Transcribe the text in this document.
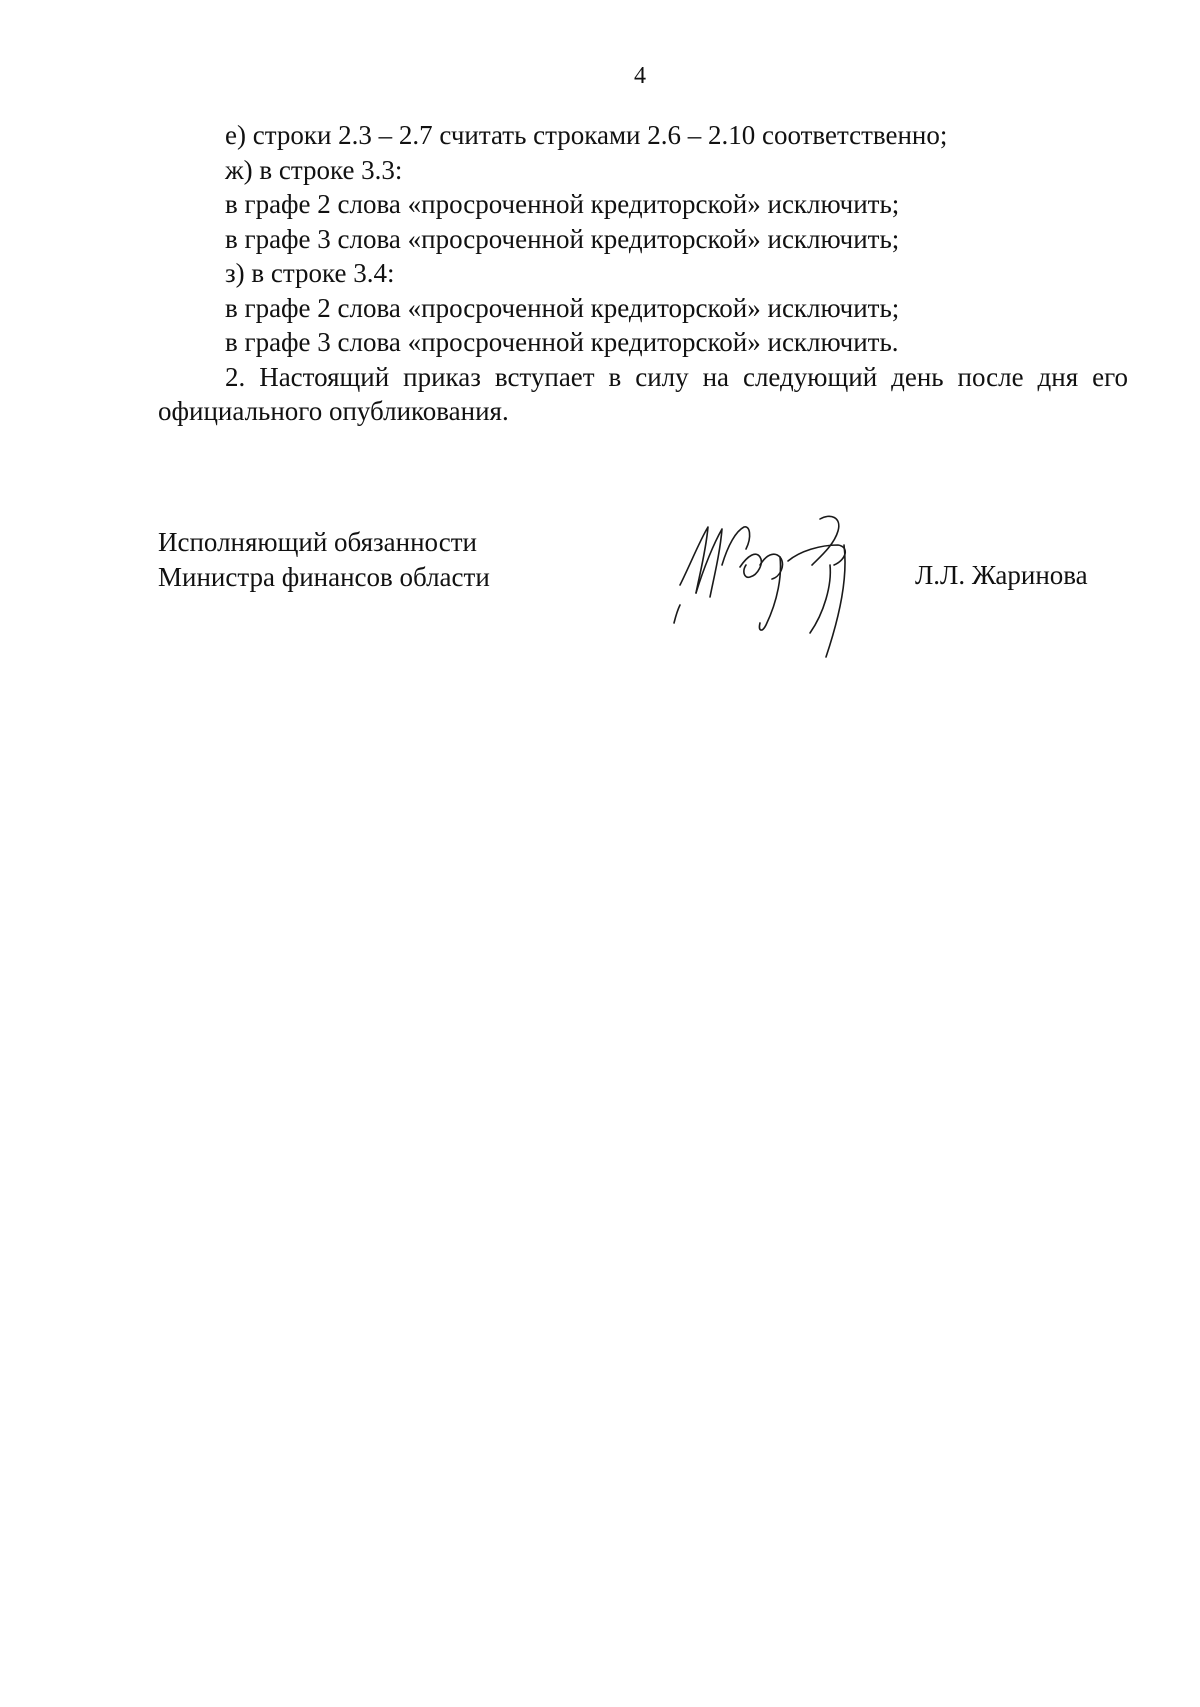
4
е) строки 2.3 – 2.7 считать строками 2.6 – 2.10 соответственно;
ж) в строке 3.3:
в графе 2 слова «просроченной кредиторской» исключить;
в графе 3 слова «просроченной кредиторской» исключить;
з) в строке 3.4:
в графе 2 слова «просроченной кредиторской» исключить;
в графе 3 слова «просроченной кредиторской» исключить.
2. Настоящий приказ вступает в силу на следующий день после дня его официального опубликования.
Исполняющий обязанности
Министра финансов области	Л.Л. Жаринова
